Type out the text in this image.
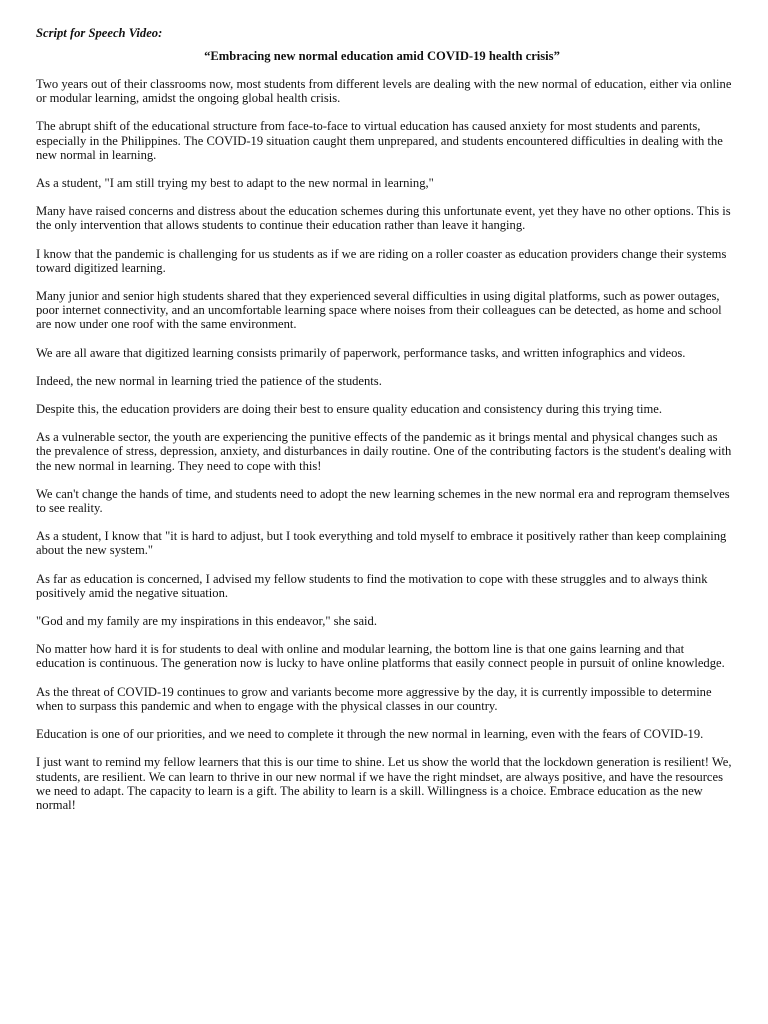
Script for Speech Video:
“Embracing new normal education amid COVID-19 health crisis”

Two years out of their classrooms now, most students from different levels are dealing with the new normal of education, either via online or modular learning, amidst the ongoing global health crisis.

The abrupt shift of the educational structure from face-to-face to virtual education has caused anxiety for most students and parents, especially in the Philippines. The COVID-19 situation caught them unprepared, and students encountered difficulties in dealing with the new normal in learning.

As a student, "I am still trying my best to adapt to the new normal in learning,"

Many have raised concerns and distress about the education schemes during this unfortunate event, yet they have no other options. This is the only intervention that allows students to continue their education rather than leave it hanging.

I know that the pandemic is challenging for us students as if we are riding on a roller coaster as education providers change their systems toward digitized learning.

Many junior and senior high students shared that they experienced several difficulties in using digital platforms, such as power outages, poor internet connectivity, and an uncomfortable learning space where noises from their colleagues can be detected, as home and school are now under one roof with the same environment.

We are all aware that digitized learning consists primarily of paperwork, performance tasks, and written infographics and videos.

Indeed, the new normal in learning tried the patience of the students.

Despite this, the education providers are doing their best to ensure quality education and consistency during this trying time.

As a vulnerable sector, the youth are experiencing the punitive effects of the pandemic as it brings mental and physical changes such as the prevalence of stress, depression, anxiety, and disturbances in daily routine. One of the contributing factors is the student's dealing with the new normal in learning. They need to cope with this!

We can't change the hands of time, and students need to adopt the new learning schemes in the new normal era and reprogram themselves to see reality.

As a student, I know that "it is hard to adjust, but I took everything and told myself to embrace it positively rather than keep complaining about the new system."

As far as education is concerned, I advised my fellow students to find the motivation to cope with these struggles and to always think positively amid the negative situation.

"God and my family are my inspirations in this endeavor," she said.

No matter how hard it is for students to deal with online and modular learning, the bottom line is that one gains learning and that education is continuous. The generation now is lucky to have online platforms that easily connect people in pursuit of online knowledge.

As the threat of COVID-19 continues to grow and variants become more aggressive by the day, it is currently impossible to determine when to surpass this pandemic and when to engage with the physical classes in our country.

Education is one of our priorities, and we need to complete it through the new normal in learning, even with the fears of COVID-19.

I just want to remind my fellow learners that this is our time to shine. Let us show the world that the lockdown generation is resilient! We, students, are resilient. We can learn to thrive in our new normal if we have the right mindset, are always positive, and have the resources we need to adapt. The capacity to learn is a gift. The ability to learn is a skill. Willingness is a choice. Embrace education as the new normal!
